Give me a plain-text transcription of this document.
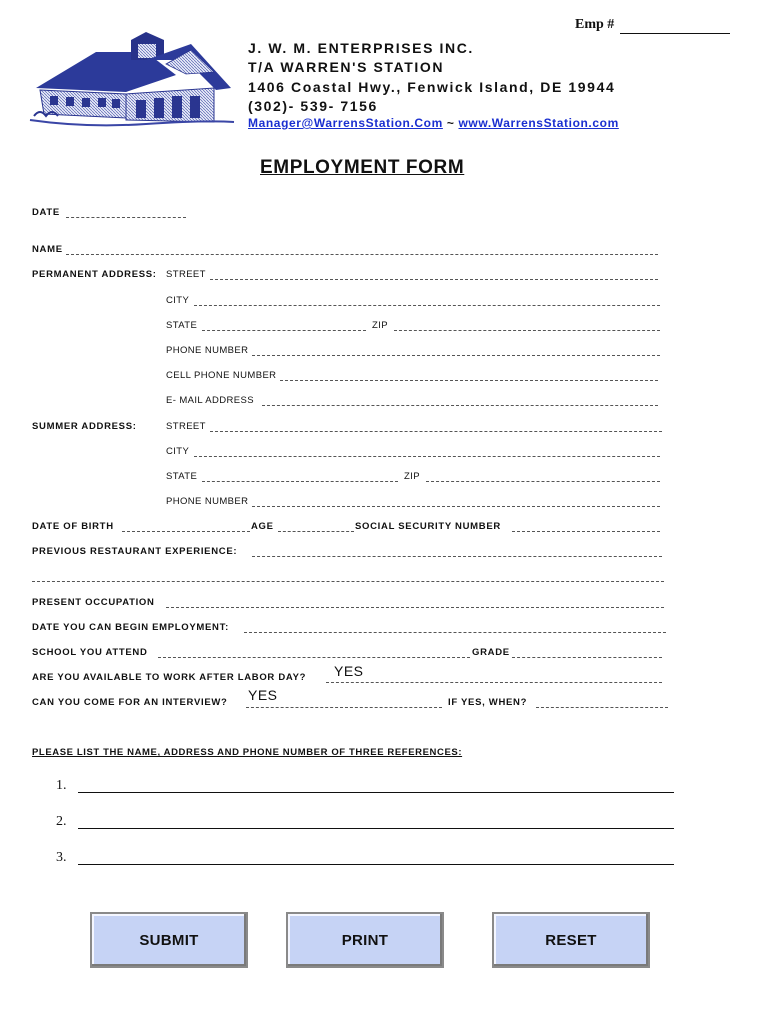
Emp #
J. W. M. ENTERPRISES INC.
T/A WARREN'S STATION
1406 Coastal Hwy., Fenwick Island, DE 19944
(302)- 539- 7156
Manager@WarrensStation.Com ~ www.WarrensStation.com
EMPLOYMENT FORM
DATE
NAME
PERMANENT ADDRESS: STREET
CITY
STATE	ZIP
PHONE NUMBER
CELL PHONE NUMBER
E- MAIL ADDRESS
SUMMER ADDRESS:	STREET
CITY
STATE	ZIP
PHONE NUMBER
DATE OF BIRTH	AGE	SOCIAL SECURITY NUMBER
PREVIOUS RESTAURANT EXPERIENCE:
PRESENT OCCUPATION
DATE YOU CAN BEGIN EMPLOYMENT:
SCHOOL YOU ATTEND	GRADE
ARE YOU AVAILABLE TO WORK AFTER LABOR DAY? YES
CAN YOU COME FOR AN INTERVIEW? YES	IF YES, WHEN?
PLEASE LIST THE NAME, ADDRESS AND PHONE NUMBER OF THREE REFERENCES:
1.
2.
3.
SUBMIT	PRINT	RESET
